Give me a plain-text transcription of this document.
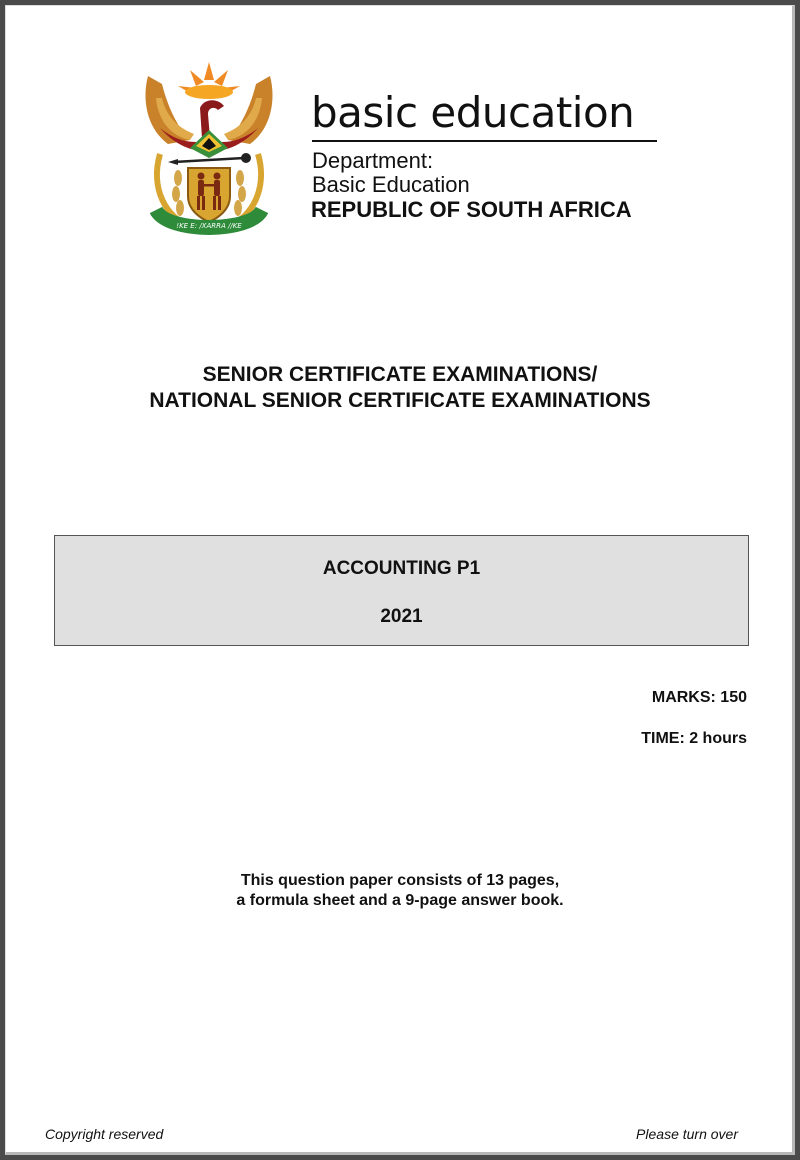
!KE E: /XARRA //KE
basic education
Department:
Basic Education
REPUBLIC OF SOUTH AFRICA
SENIOR CERTIFICATE EXAMINATIONS/
NATIONAL SENIOR CERTIFICATE EXAMINATIONS
ACCOUNTING P1
2021
MARKS: 150
TIME: 2 hours
This question paper consists of 13 pages,
a formula sheet and a 9-page answer book.
Copyright reserved	Please turn over
